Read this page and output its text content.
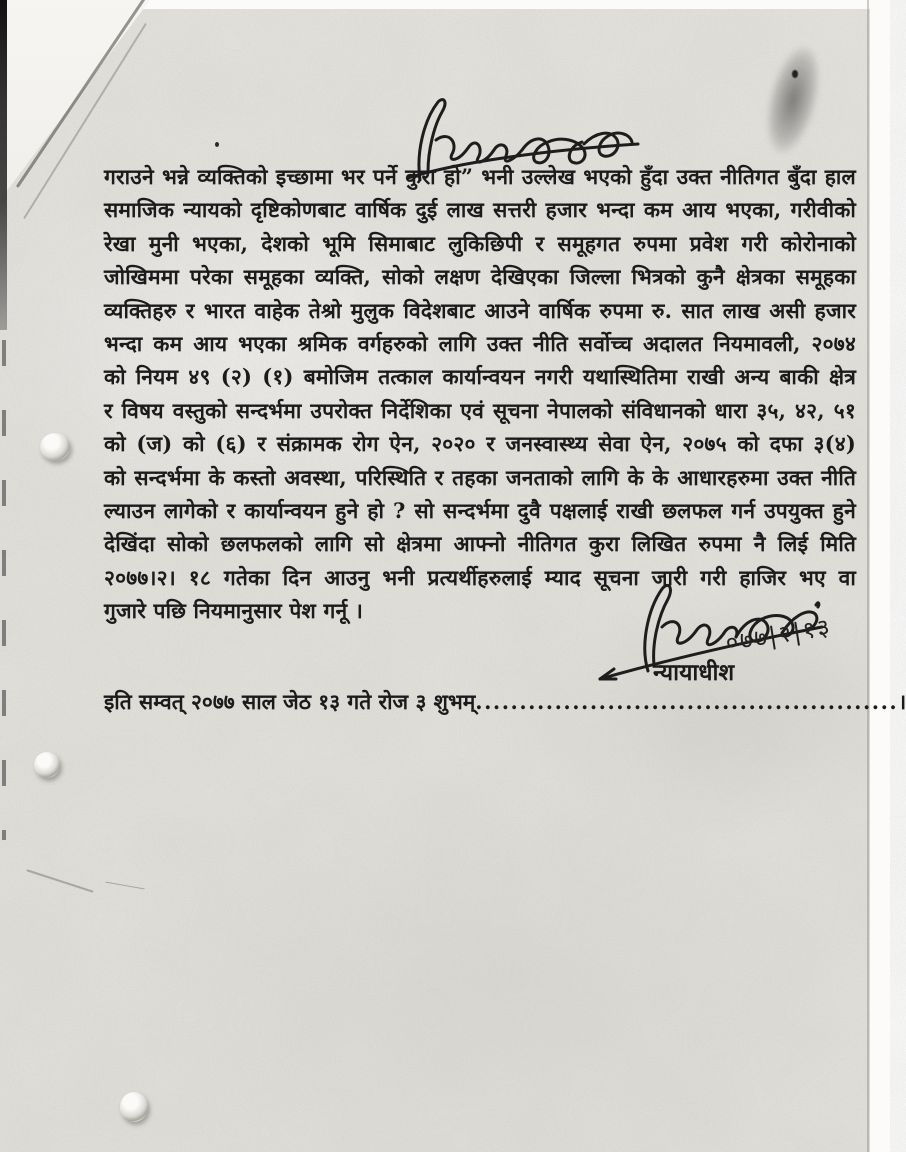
गराउने भन्ने व्यक्तिको इच्छामा भर पर्ने कुरा हो” भनी उल्लेख भएको हुँदा उक्त नीतिगत बुँदा हाल
समाजिक न्यायको दृष्टिकोणबाट वार्षिक दुई लाख सत्तरी हजार भन्दा कम आय भएका, गरीवीको
रेखा मुनी भएका, देशको भूमि सिमाबाट लुकिछिपी र समूहगत रुपमा प्रवेश गरी कोरोनाको
जोखिममा परेका समूहका व्यक्ति, सोको लक्षण देखिएका जिल्ला भित्रको कुनै क्षेत्रका समूहका
व्यक्तिहरु र भारत वाहेक तेश्रो मुलुक विदेशबाट आउने वार्षिक रुपमा रु. सात लाख असी हजार
भन्दा कम आय भएका श्रमिक वर्गहरुको लागि उक्त नीति सर्वोच्च अदालत नियमावली, २०७४
को नियम ४९ (२) (१) बमोजिम तत्काल कार्यान्वयन नगरी यथास्थितिमा राखी अन्य बाकी क्षेत्र
र विषय वस्तुको सन्दर्भमा उपरोक्त निर्देशिका एवं सूचना नेपालको संविधानको धारा ३५, ४२, ५१
को (ज) को (६) र संक्रामक रोग ऐन, २०२० र जनस्वास्थ्य सेवा ऐन, २०७५ को दफा ३(४)
को सन्दर्भमा के कस्तो अवस्था, परिस्थिति र तहका जनताको लागि के के आधारहरुमा उक्त नीति
ल्याउन लागेको र कार्यान्वयन हुने हो ? सो सन्दर्भमा दुवै पक्षलाई राखी छलफल गर्न उपयुक्त हुने
देखिंदा सोको छलफलको लागि सो क्षेत्रमा आफ्नो नीतिगत कुरा लिखित रुपमा नै लिई मिति
२०७७।२। १८ गतेका दिन आउनु भनी प्रत्यर्थीहरुलाई म्याद सूचना जारी गरी हाजिर भए वा
गुजारे पछि नियमानुसार पेश गर्नू ।
०७७|२|१३
न्यायाधीश
इति सम्वत् २०७७ साल जेठ १३ गते रोज ३ शुभम्................................................।
